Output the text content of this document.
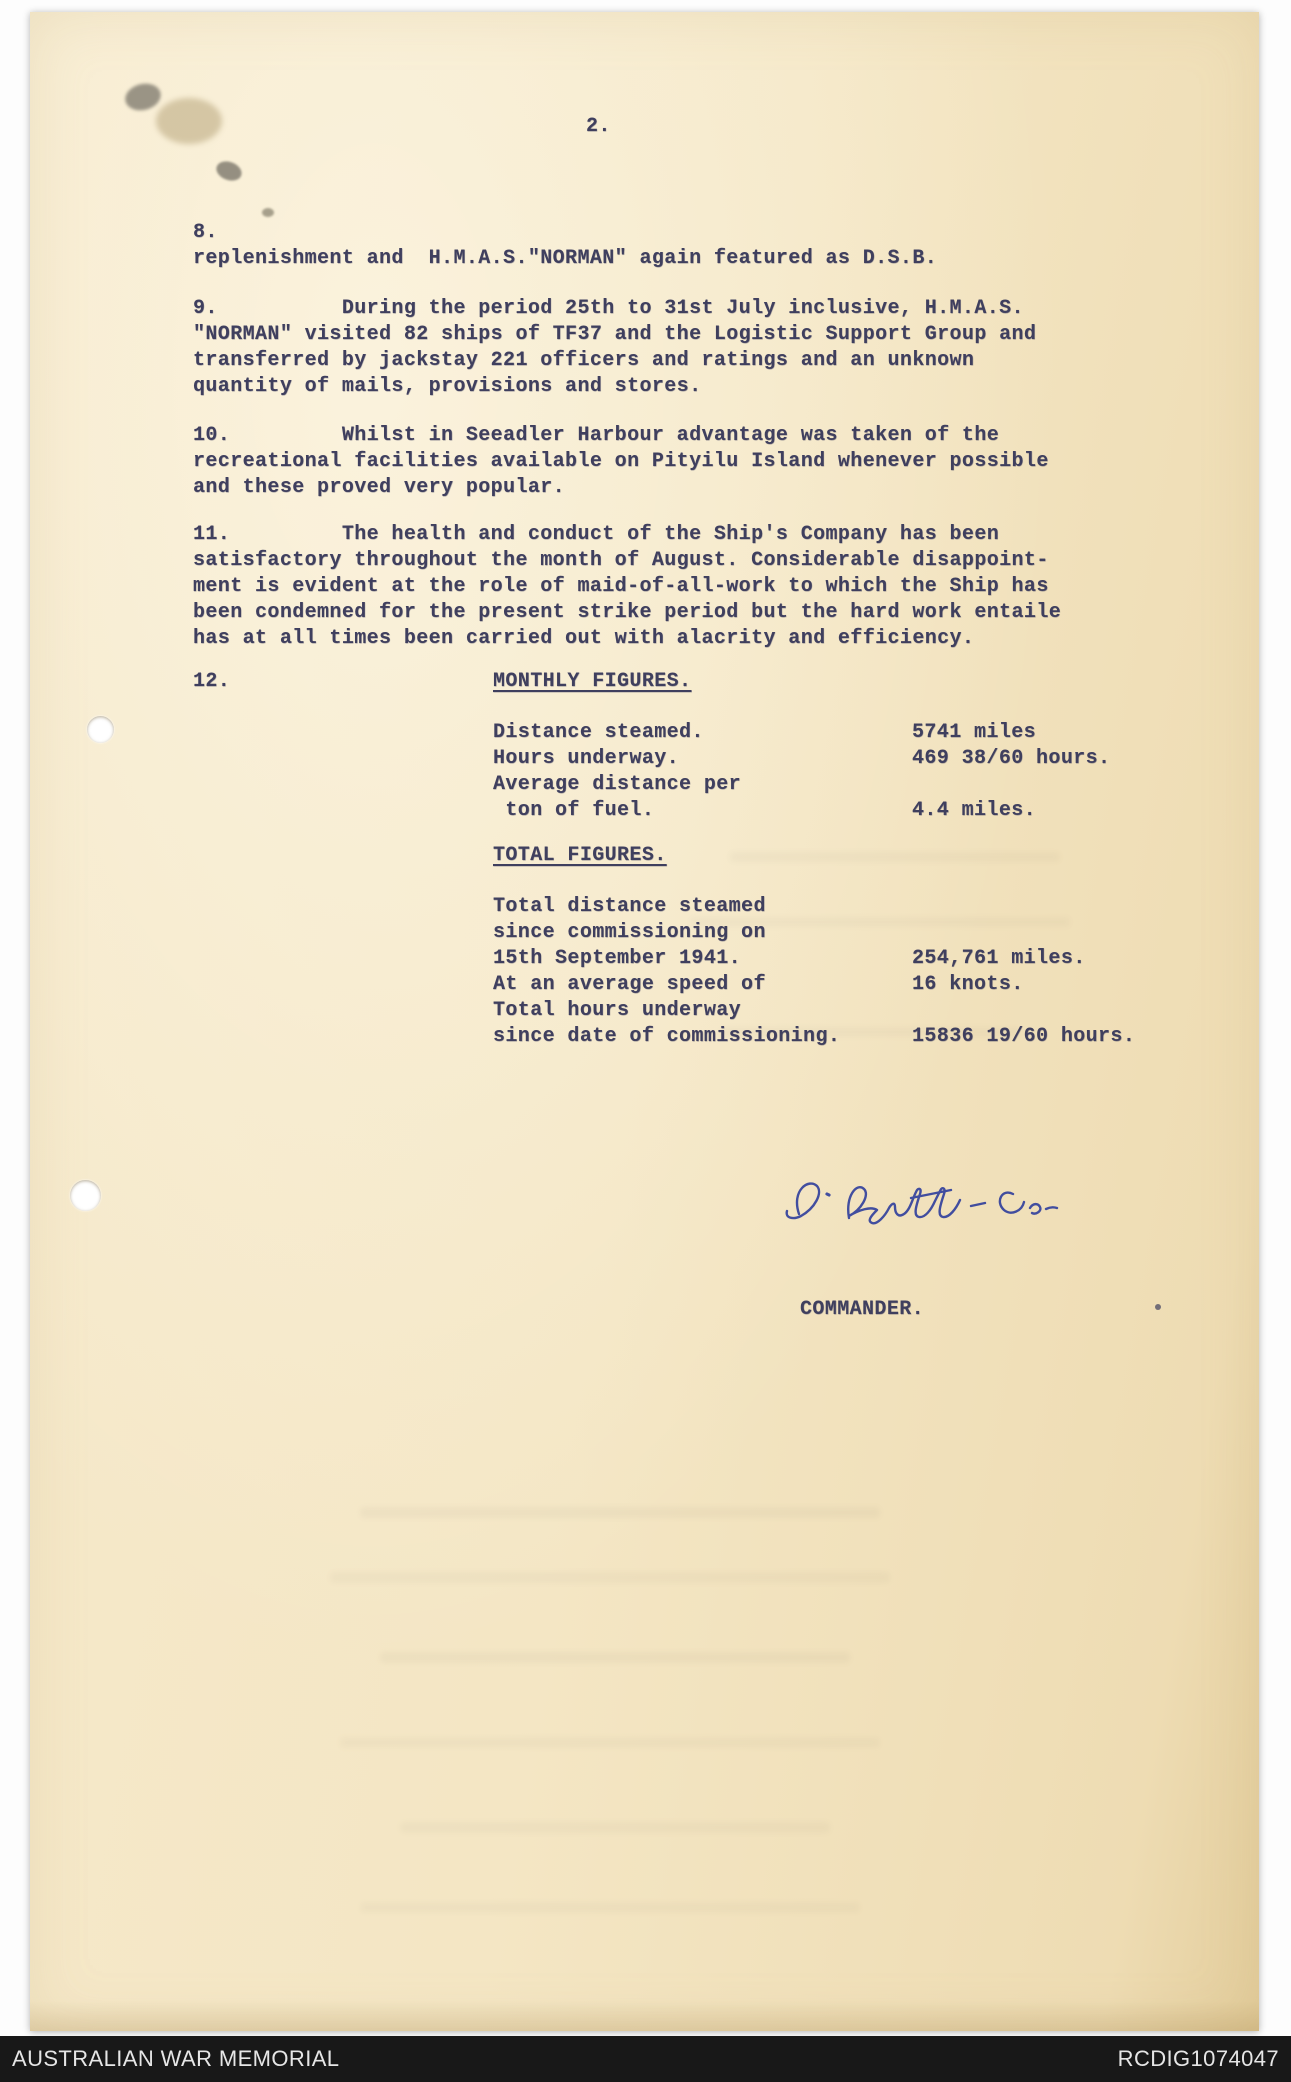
2.
8.
replenishment and  H.M.A.S."NORMAN" again featured as D.S.B.
9.          During the period 25th to 31st July inclusive, H.M.A.S.
"NORMAN" visited 82 ships of TF37 and the Logistic Support Group and
transferred by jackstay 221 officers and ratings and an unknown
quantity of mails, provisions and stores.
10.         Whilst in Seeadler Harbour advantage was taken of the
recreational facilities available on Pityilu Island whenever possible
and these proved very popular.
11.         The health and conduct of the Ship's Company has been
satisfactory throughout the month of August. Considerable disappoint-
ment is evident at the role of maid-of-all-work to which the Ship has
been condemned for the present strike period but the hard work entaile
has at all times been carried out with alacrity and efficiency.
12.	MONTHLY FIGURES.
Distance steamed.	5741 miles
Hours underway.	469 38/60 hours.
Average distance per
ton of fuel.	4.4 miles.
TOTAL FIGURES.
Total distance steamed
since commissioning on
15th September 1941.	254,761 miles.
At an average speed of	16 knots.
Total hours underway
since date of commissioning.	15836 19/60 hours.
COMMANDER.
AUSTRALIAN WAR MEMORIAL	RCDIG1074047
